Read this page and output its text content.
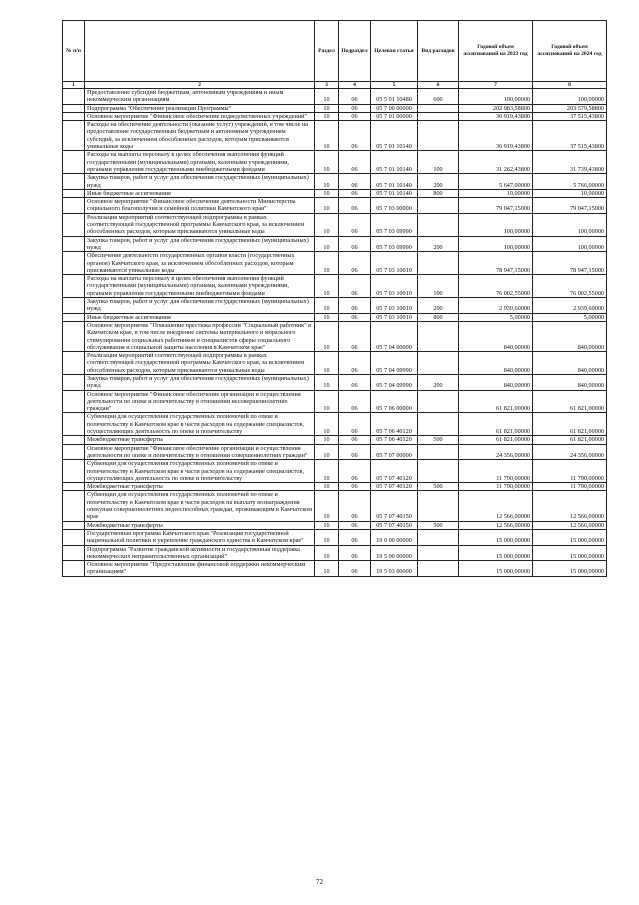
№ п/п		Раздел	Подраздел	Целевая статья	Вид расходов	Годовой объем ассигнований на 2023 год	Годовой объем ассигнований на 2024 год
1	2	3	4	5	6	7	8
	Предоставление субсидий бюджетным, автономным учреждениям и иным некоммерческим организациям	10	06	05 5 01 10480	600	100,00000	100,00000
	Подпрограмма "Обеспечение реализации Программы"	10	06	05 7 00 00000		202 983,58800	203 579,58800
	Основное мероприятие "Финансовое обеспечение подведомственных учреждений"	10	06	05 7 01 00000		36 919,43800	37 515,43800
	Расходы на обеспечение деятельности (оказание услуг) учреждений, в том числе на предоставление государственным бюджетным и автономным учреждениям субсидий, за исключением обособленных расходов, которым присваиваются уникальные коды	10	06	05 7 01 10140		36 919,43800	37 515,43800
	Расходы на выплаты персоналу в целях обеспечения выполнения функций государственными (муниципальными) органами, казенными учреждениями, органами управления государственными внебюджетными фондами	10	06	05 7 01 10140	100	31 262,43800	31 739,43800
	Закупка товаров, работ и услуг для обеспечения государственных (муниципальных) нужд	10	06	05 7 01 10140	200	5 647,00000	5 766,00000
	Иные бюджетные ассигнования	10	06	05 7 01 10140	800	10,00000	10,00000
	Основное мероприятие "Финансовое обеспечение деятельности Министерства социального благополучия и семейной политики Камчатского края"	10	06	05 7 03 00000		79 047,15000	79 047,15000
	Реализация мероприятий соответствующей подпрограммы в рамках соответствующей государственной программы Камчатского края, за исключением обособленных расходов, которым присваиваются уникальные коды	10	06	05 7 03 09990		100,00000	100,00000
	Закупка товаров, работ и услуг для обеспечения государственных (муниципальных) нужд	10	06	05 7 03 09990	200	100,00000	100,00000
	Обеспечение деятельности государственных органов власти (государственных органов) Камчатского края, за исключением обособленных расходов, которым присваиваются уникальные коды	10	06	05 7 03 10010		78 947,15000	78 947,15000
	Расходы на выплаты персоналу в целях обеспечения выполнения функций государственными (муниципальными) органами, казенными учреждениями, органами управления государственными внебюджетными фондами	10	06	05 7 03 10010	100	76 002,55000	76 002,55000
	Закупка товаров, работ и услуг для обеспечения государственных (муниципальных) нужд	10	06	05 7 03 10010	200	2 939,60000	2 939,60000
	Иные бюджетные ассигнования	10	06	05 7 03 10010	800	5,00000	5,00000
	Основное мероприятие "Повышение престижа профессии "Социальный работник" в Камчатском крае, в том числе внедрение системы материального и морального стимулирования социальных работников и специалистов сферы социального обслуживания и социальной защиты населения в Камчатском крае"	10	06	05 7 04 00000		840,00000	840,00000
	Реализация мероприятий соответствующей подпрограммы в рамках соответствующей государственной программы Камчатского края, за исключением обособленных расходов, которым присваиваются уникальные коды	10	06	05 7 04 09990		840,00000	840,00000
	Закупка товаров, работ и услуг для обеспечения государственных (муниципальных) нужд	10	06	05 7 04 09990	200	840,00000	840,00000
	Основное мероприятие "Финансовое обеспечение организации и осуществления деятельности по опеке и попечительству в отношении несовершеннолетних граждан"	10	06	05 7 06 00000		61 821,00000	61 821,00000
	Субвенции для осуществления государственных полномочий по опеке и попечительству в Камчатском крае в части расходов на содержание специалистов, осуществляющих деятельность по опеке и попечительству	10	06	05 7 06 40120		61 821,00000	61 821,00000
	Межбюджетные трансферты	10	06	05 7 06 40120	500	61 821,00000	61 821,00000
	Основное мероприятие "Финансовое обеспечение организации и осуществления деятельности по опеке и попечительству в отношении совершеннолетних граждан"	10	06	05 7 07 00000		24 356,00000	24 356,00000
	Субвенции для осуществления государственных полномочий по опеке и попечительству в Камчатском крае в части расходов на содержание специалистов, осуществляющих деятельность по опеке и попечительству	10	06	05 7 07 40120		11 790,00000	11 790,00000
	Межбюджетные трансферты	10	06	05 7 07 40120	500	11 790,00000	11 790,00000
	Субвенции для осуществления государственных полномочий по опеке и попечительству в Камчатском крае в части расходов на выплату вознаграждения опекунам совершеннолетних недееспособных граждан, проживающим в Камчатском крае	10	06	05 7 07 40150		12 566,00000	12 566,00000
	Межбюджетные трансферты	10	06	05 7 07 40150	500	12 566,00000	12 566,00000
	Государственная программа Камчатского края "Реализация государственной национальной политики и укрепление гражданского единства в Камчатском крае"	10	06	19 0 00 00000		15 000,00000	15 000,00000
	Подпрограмма "Развитие гражданской активности и государственная поддержка некоммерческих неправительственных организаций"	10	06	19 5 00 00000		15 000,00000	15 000,00000
	Основное мероприятие "Предоставление финансовой поддержки некоммерческим организациям"	10	06	19 5 03 00000		15 000,00000	15 000,00000
72
